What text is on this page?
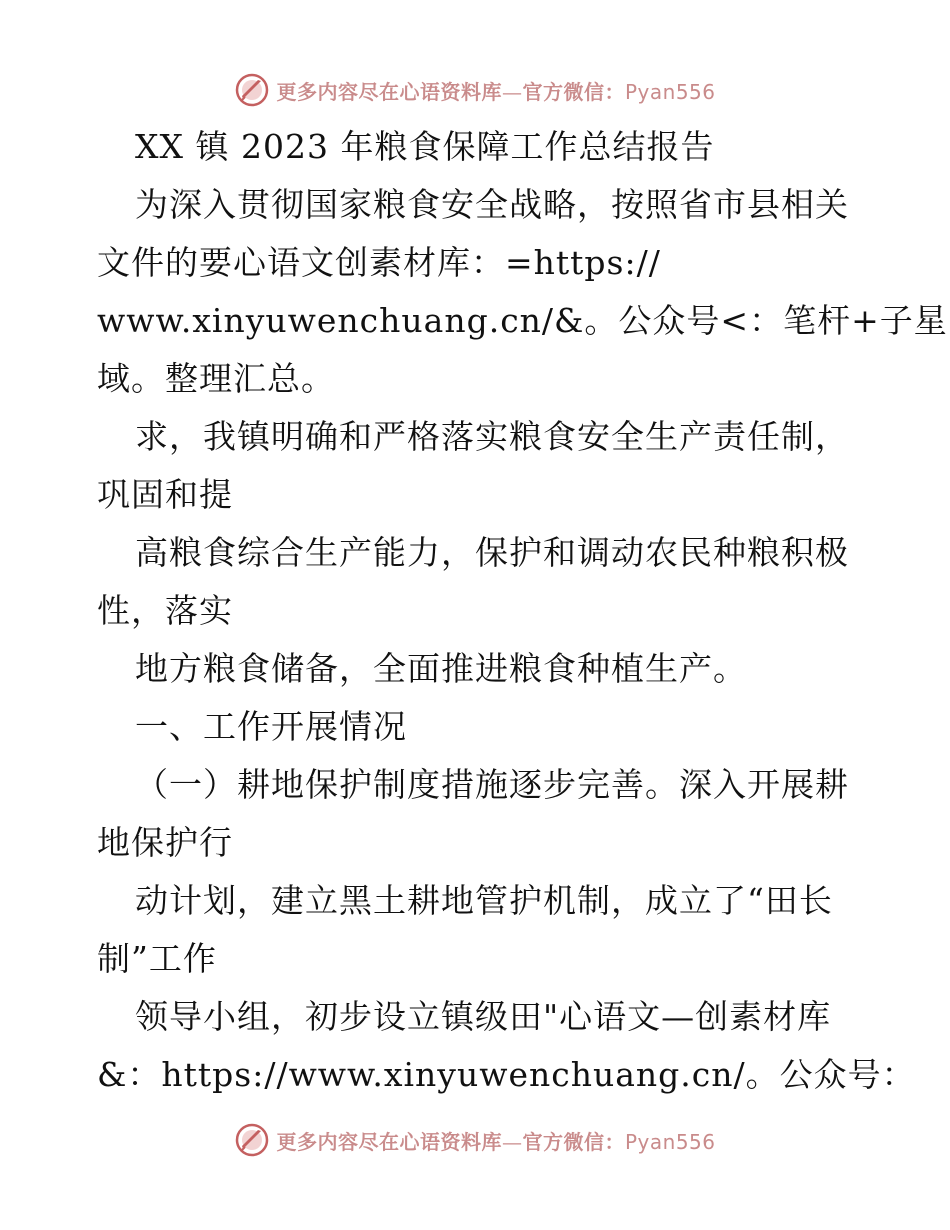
更多内容尽在心语资料库—官方微信：Pyan556
XX 镇 2023 年粮食保障工作总结报告
为深入贯彻国家粮食安全战略，按照省市县相关
文件的要心语文创素材库：=https://
www.xinyuwenchuang.cn/&。公众号<：笔杆+子星
域。整理汇总。
求，我镇明确和严格落实粮食安全生产责任制，
巩固和提
高粮食综合生产能力，保护和调动农民种粮积极
性，落实
地方粮食储备，全面推进粮食种植生产。
一、工作开展情况
（一）耕地保护制度措施逐步完善。深入开展耕
地保护行
动计划，建立黑土耕地管护机制，成立了“田长
制”工作
领导小组，初步设立镇级田"心语文—创素材库
&：https://www.xinyuwenchuang.cn/。公众号：
更多内容尽在心语资料库—官方微信：Pyan556
